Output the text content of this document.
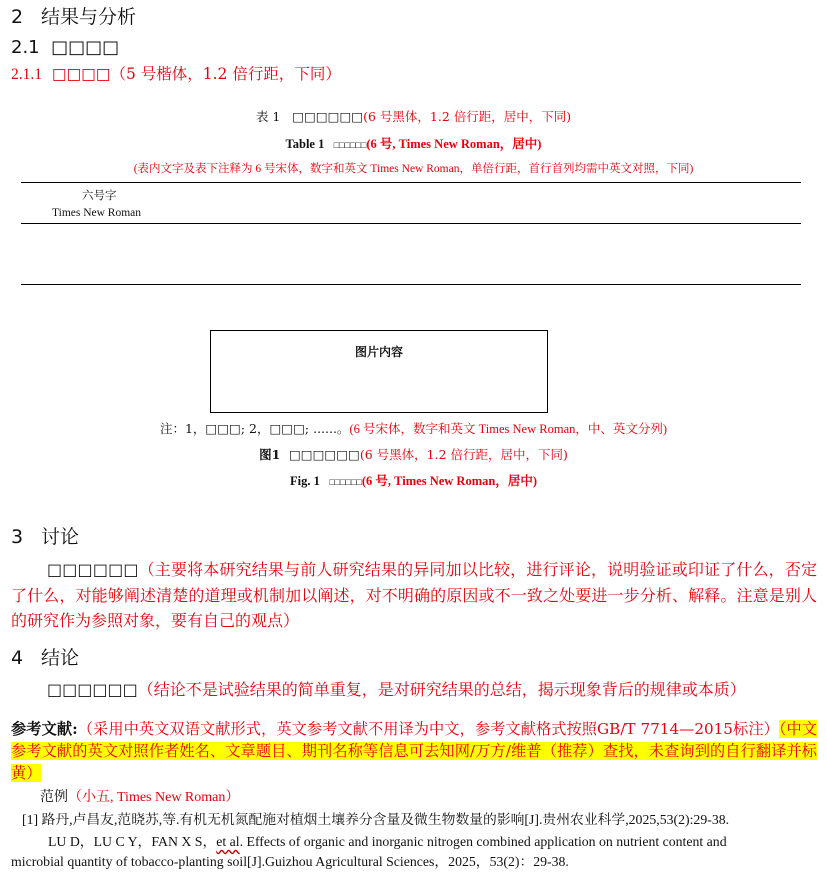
2 结果与分析
2.1 □□□□
2.1.1 □□□□（5 号楷体，1.2 倍行距，下同）
表 1 □□□□□□(6 号黑体，1.2 倍行距，居中，下同)
Table 1 □□□□□□(6 号, Times New Roman，居中)
(表内文字及表下注释为 6 号宋体，数字和英文 Times New Roman，单倍行距，首行首列均需中英文对照，下同)
六号字
Times New Roman
图片内容
注：1，□□□; 2，□□□; ......。(6 号宋体，数字和英文 Times New Roman，中、英文分列)
图1 □□□□□□(6 号黑体，1.2 倍行距，居中，下同)
Fig. 1 □□□□□□(6 号, Times New Roman，居中)
3 讨论
□□□□□□（主要将本研究结果与前人研究结果的异同加以比较，进行评论，说明验证或印证了什么，否定了什么，对能够阐述清楚的道理或机制加以阐述，对不明确的原因或不一致之处要进一步分析、解释。注意是别人的研究作为参照对象，要有自己的观点）
4 结论
□□□□□□（结论不是试验结果的简单重复，是对研究结果的总结，揭示现象背后的规律或本质）
参考文献:（采用中英文双语文献形式，英文参考文献不用译为中文，参考文献格式按照GB/T 7714—2015标注）（中文参考文献的英文对照作者姓名、文章题目、期刊名称等信息可去知网/万方/维普（推荐）查找，未查询到的自行翻译并标黄）
范例（小五, Times New Roman）
[1] 路丹,卢昌友,范晓苏,等.有机无机氮配施对植烟土壤养分含量及微生物数量的影响[J].贵州农业科学,2025,53(2):29-38.
LU D，LU C Y，FAN X S，et al. Effects of organic and inorganic nitrogen combined application on nutrient content and
microbial quantity of tobacco-planting soil[J].Guizhou Agricultural Sciences，2025，53(2)：29-38.
